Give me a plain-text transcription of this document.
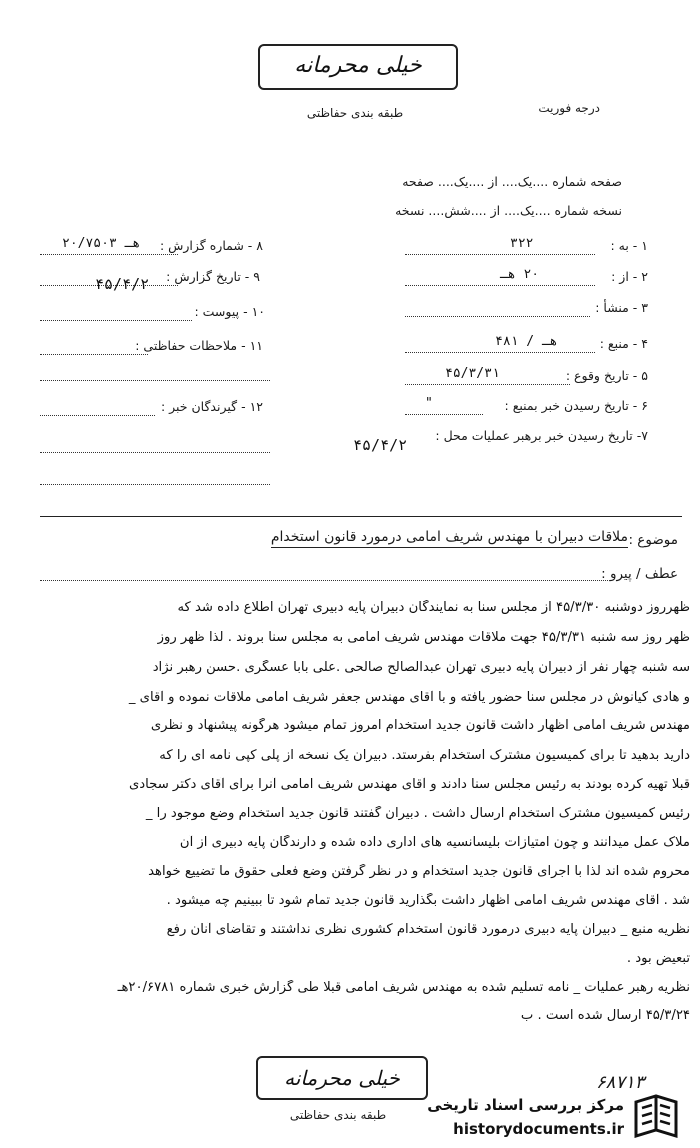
خیلی محرمانه
طبقه بندی حفاظتی	درجه فوریت
صفحه شماره ....یک.... از ....یک.... صفحه
نسخه شماره ....یک.... از ....شش.... نسخه
۱ - به :
۳۲۲
۲ - از :
۲۰ هـ
۳ - منشأ :
۴ - منبع :
هـ / ۴۸۱
۵ - تاریخ وقوع :
۴۵/۳/۳۱
۶ - تاریخ رسیدن خبر بمنبع :
"
۷- تاریخ رسیدن خبر برهبر عملیات محل :
۴۵/۴/۲
۸ - شماره گزارش :
۲۰/۷۵۰۳ هـ
۹ - تاریخ گزارش :
۴۵/۴/۲
۱۰ - پیوست :
۱۱ - ملاحظات حفاظتی :
۱۲ - گیرندگان خبر :
موضوع :
ملاقات دبیران با مهندس شریف امامی درمورد قانون استخدام
عطف / پیرو :
ظهرروز دوشنبه ۴۵/۳/۳۰ از مجلس سنا به نمایندگان دبیران پایه دبیری تهران اطلاع داده شد که
ظهر روز سه شنبه ۴۵/۳/۳۱ جهت ملاقات مهندس شریف امامی به مجلس سنا بروند . لذا ظهر روز
سه شنبه چهار نفر از دبیران پایه دبیری تهران عبدالصالح صالحی .علی بابا عسگری .حسن رهبر نژاد
و هادی کیانوش در مجلس سنا حضور یافته و با آقای مهندس جعفر شریف امامی ملاقات نموده و آقای _
مهندس شریف امامی اظهار داشت قانون جدید استخدام امروز تمام میشود هرگونه پیشنهاد و نظری
دارید بدهید تا برای کمیسیون مشترک استخدام بفرستد. دبیران یک نسخه از پلی کپی نامه ای را که
قبلا تهیه کرده بودند به رئیس مجلس سنا دادند و آقای مهندس شریف امامی آنرا برای آقای دکتر سجادی
رئیس کمیسیون مشترک استخدام ارسال داشت . دبیران گفتند قانون جدید استخدام وضع موجود را _
ملاک عمل میدانند و چون امتیازات بلیسانسیه های اداری داده شده و دارندگان پایه دبیری از آن
محروم شده اند لذا با اجرای قانون جدید استخدام و در نظر گرفتن وضع فعلی حقوق ما تضییع خواهد
شد . آقای مهندس شریف امامی اظهار داشت بگذارید قانون جدید تمام شود تا ببینیم چه میشود .
نظریه منبع _ دبیران پایه دبیری درمورد قانون استخدام کشوری نظری نداشتند و تقاضای آنان رفع
تبعیض بود .
نظریه رهبر عملیات _ نامه تسلیم شده به مهندس شریف امامی قبلا طی گزارش خبری شماره ۲۰/۶۷۸۱هـ
۴۵/۳/۲۴ ارسال شده است . ب
خیلی محرمانه
طبقه بندی حفاظتی
۶۸۷۱۳
مرکز بررسی اسناد تاریخی
historydocuments.ir
